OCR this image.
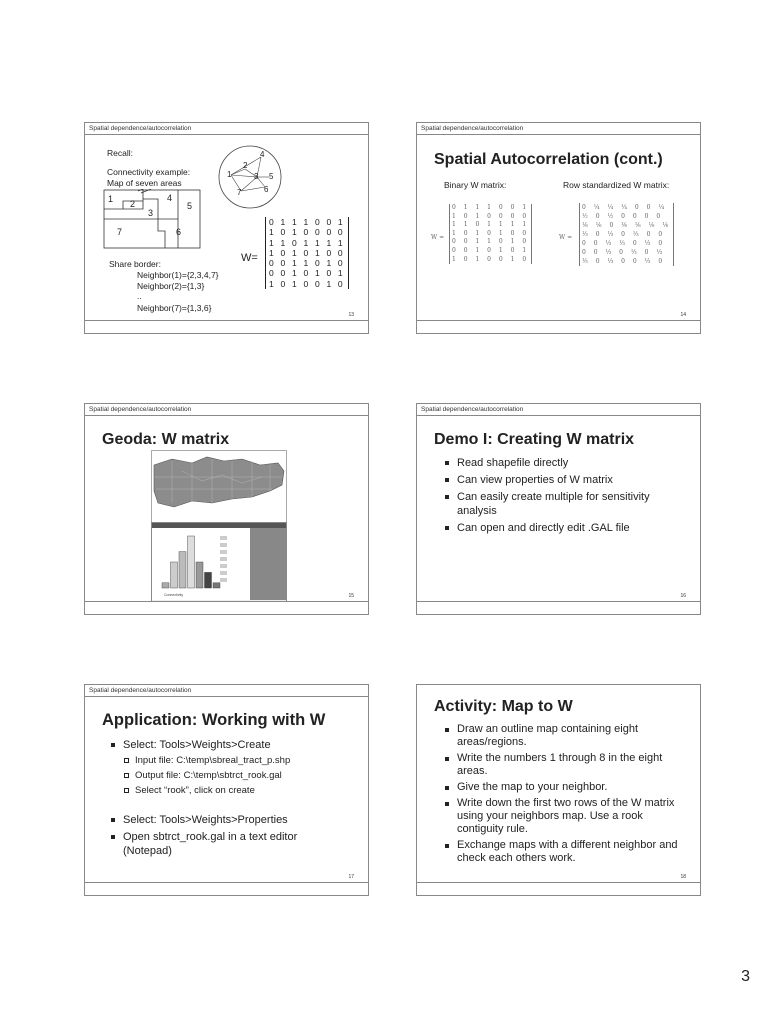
Spatial dependence/autocorrelation
Recall:
Connectivity example:
Map of seven areas
1 2
3
4
5
6
7
1
2
3
4
5
6
7
Share border:
Neighbor(1)={2,3,4,7}
Neighbor(2)={1,3}
..
Neighbor(7)={1,3,6}
W=
0 1 1 1 0 0 1
1 0 1 0 0 0 0
1 1 0 1 1 1 1
1 0 1 0 1 0 0
0 0 1 1 0 1 0
0 0 1 0 1 0 1
1 0 1 0 0 1 0
13
Spatial dependence/autocorrelation
Spatial Autocorrelation (cont.)
Binary W matrix:	Row standardized W matrix:
W =
0 1 1 1 0 0 1
1 0 1 0 0 0 0
1 1 0 1 1 1 1
1 0 1 0 1 0 0
0 0 1 1 0 1 0
0 0 1 0 1 0 1
1 0 1 0 0 1 0
W =
0 ¼ ¼ ¼ 0 0 ¼
½ 0 ½ 0 0 0 0
⅙ ⅙ 0 ⅙ ⅙ ⅙ ⅙
⅓ 0 ⅓ 0 ⅓ 0 0
0 0 ⅓ ⅓ 0 ⅓ 0
0 0 ⅓ 0 ⅓ 0 ⅓
⅓ 0 ⅓ 0 0 ⅓ 0
14
Spatial dependence/autocorrelation
Geoda: W matrix
Connectivity	15
Spatial dependence/autocorrelation
Demo I: Creating W matrix
Read shapefile directly
Can view properties of W matrix
Can easily create multiple for sensitivity analysis
Can open and directly edit .GAL file
16
Spatial dependence/autocorrelation
Application: Working with W
Select: Tools>Weights>Create
Input file: C:\temp\sbreal_tract_p.shp
Output file: C:\temp\sbtrct_rook.gal
Select “rook”, click on create
Select: Tools>Weights>Properties
Open sbtrct_rook.gal in a text editor (Notepad)
17
Activity: Map to W
Draw an outline map containing eight areas/regions.
Write the numbers 1 through 8 in the eight areas.
Give the map to your neighbor.
Write down the first two rows of the W matrix using your neighbors map. Use a rook contiguity rule.
Exchange maps with a different neighbor and check each others work.
18
3
